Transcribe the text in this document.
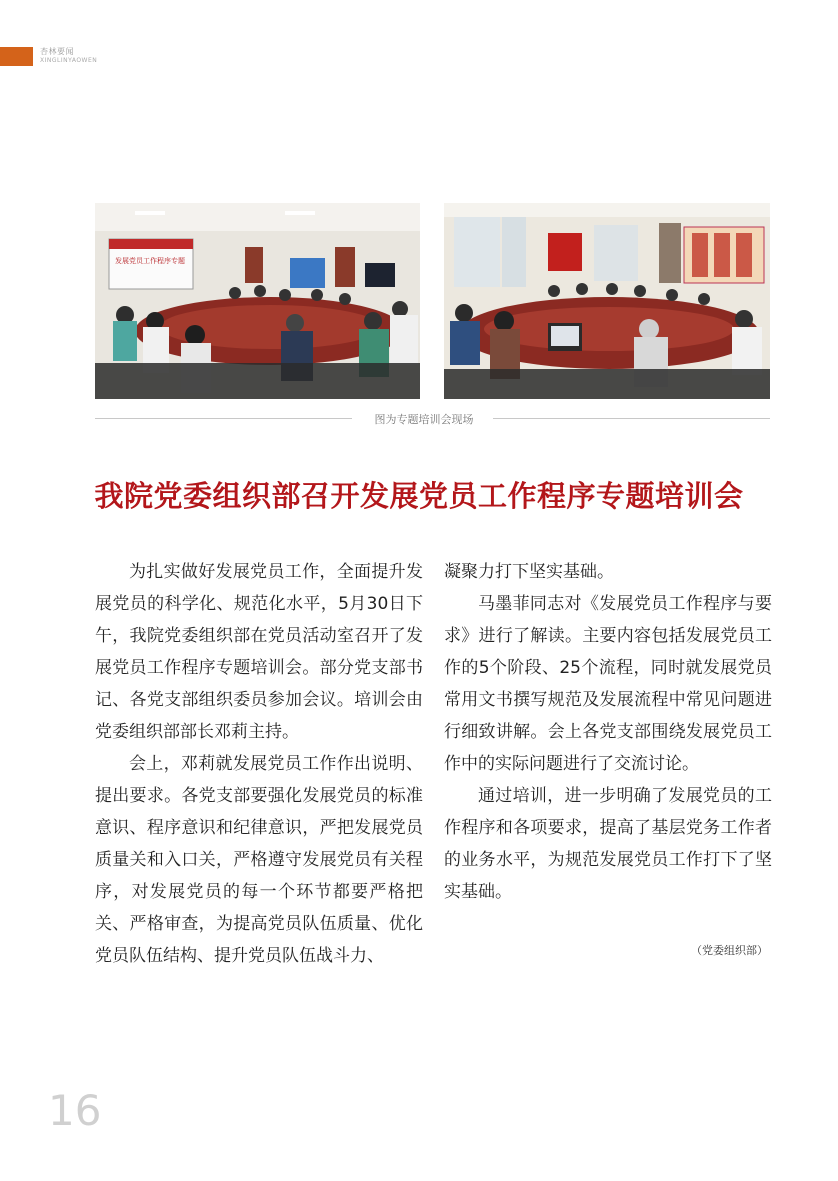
杏林要闻
XINGLINYAOWEN
发展党员工作程序专题
图为专题培训会现场
我院党委组织部召开发展党员工作程序专题培训会

为扎实做好发展党员工作，全面提升发展党员的科学化、规范化水平，5月30日下午，我院党委组织部在党员活动室召开了发展党员工作程序专题培训会。部分党支部书记、各党支部组织委员参加会议。培训会由党委组织部部长邓莉主持。

会上，邓莉就发展党员工作作出说明、提出要求。各党支部要强化发展党员的标准意识、程序意识和纪律意识，严把发展党员质量关和入口关，严格遵守发展党员有关程序，对发展党员的每一个环节都要严格把关、严格审查，为提高党员队伍质量、优化党员队伍结构、提升党员队伍战斗力、

凝聚力打下坚实基础。

马墨菲同志对《发展党员工作程序与要求》进行了解读。主要内容包括发展党员工作的5个阶段、25个流程，同时就发展党员常用文书撰写规范及发展流程中常见问题进行细致讲解。会上各党支部围绕发展党员工作中的实际问题进行了交流讨论。

通过培训，进一步明确了发展党员的工作程序和各项要求，提高了基层党务工作者的业务水平，为规范发展党员工作打下了坚实基础。

（党委组织部）
16
